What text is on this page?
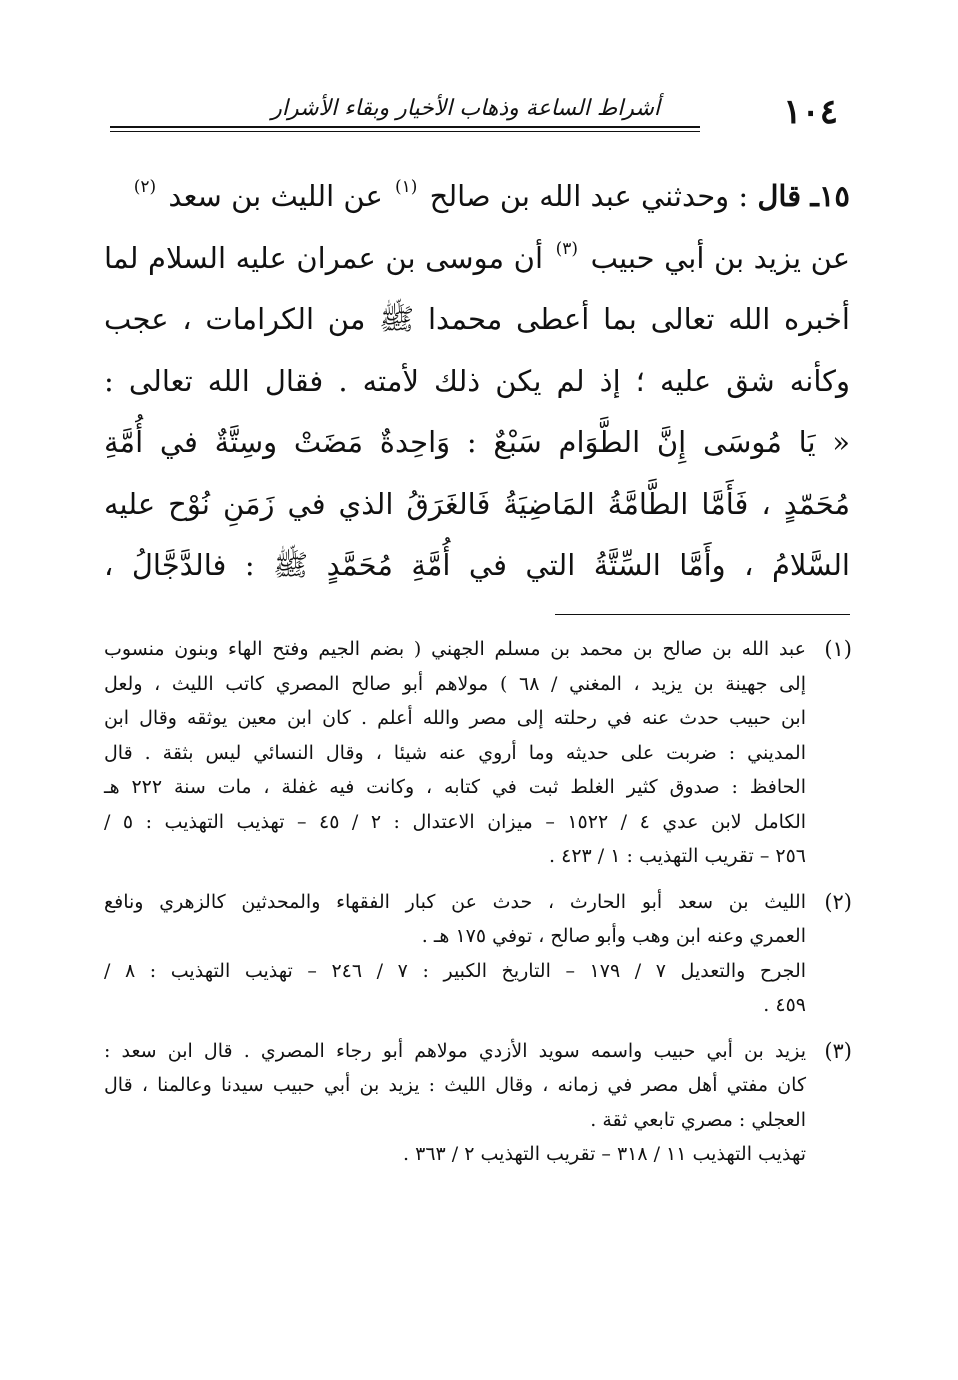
١٠٤
أشراط الساعة وذهاب الأخيار وبقاء الأشرار
١٥ـ قال : وحدثني عبد الله بن صالح $^{(١)}$ عن الليث بن سعد $^{(٢)}$
عن يزيد بن أبي حبيب $^{(٣)}$ أن موسى بن عمران عليه السلام لما
أخبره الله تعالى بما أعطى محمدا ﷺ من الكرامات ، عجب
وكأنه شق عليه ؛ إذ لم يكن ذلك لأمته . فقال الله تعالى :
« يَا مُوسَى إِنَّ الطَّوَام سَبْعٌ : وَاحِدةٌ مَضَتْ وسِتَّةٌ في أُمَّةِ
مُحَمّدٍ ، فَأَمَّا الطَّامَّةُ المَاضِيَةُ فَالغَرَقُ الذي في زَمَنِ نُوْح عليه
السَّلامُ ، وأَمَّا السِّتَّةُ التي في أُمَّةِ مُحَمَّدٍ ﷺ : فالدَّجَّالُ ،
(١)
عبد الله بن صالح بن محمد بن مسلم الجهني ( بضم الجيم وفتح الهاء وبنون منسوب
إلى جهينة بن يزيد ، المغني / ٦٨ ) مولاهم أبو صالح المصري كاتب الليث ، ولعل
ابن حبيب حدث عنه في رحلته إلى مصر والله أعلم . كان ابن معين يوثقه وقال ابن
المديني : ضربت على حديثه وما أروي عنه شيئا ، وقال النسائي ليس بثقة . قال
الحافظ : صدوق كثير الغلط ثبت في كتابه ، وكانت فيه غفلة ، مات سنة ٢٢٢ هـ
الكامل لابن عدي ٤ / ١٥٢٢ – ميزان الاعتدال : ٢ / ٤٥ – تهذيب التهذيب : ٥ /
٢٥٦ – تقريب التهذيب : ١ / ٤٢٣ .
(٢)
الليث بن سعد أبو الحارث ، حدث عن كبار الفقهاء والمحدثين كالزهري ونافع
العمري وعنه ابن وهب وأبو صالح ، توفي ١٧٥ هـ .
الجرح والتعديل ٧ / ١٧٩ – التاريخ الكبير : ٧ / ٢٤٦ – تهذيب التهذيب : ٨ /
٤٥٩ .
(٣)
يزيد بن أبي حبيب واسمه سويد الأزدي مولاهم أبو رجاء المصري . قال ابن سعد :
كان مفتي أهل مصر في زمانه ، وقال الليث : يزيد بن أبي حبيب سيدنا وعالمنا ، قال
العجلي : مصري تابعي ثقة .
تهذيب التهذيب ١١ / ٣١٨ – تقريب التهذيب ٢ / ٣٦٣ .
